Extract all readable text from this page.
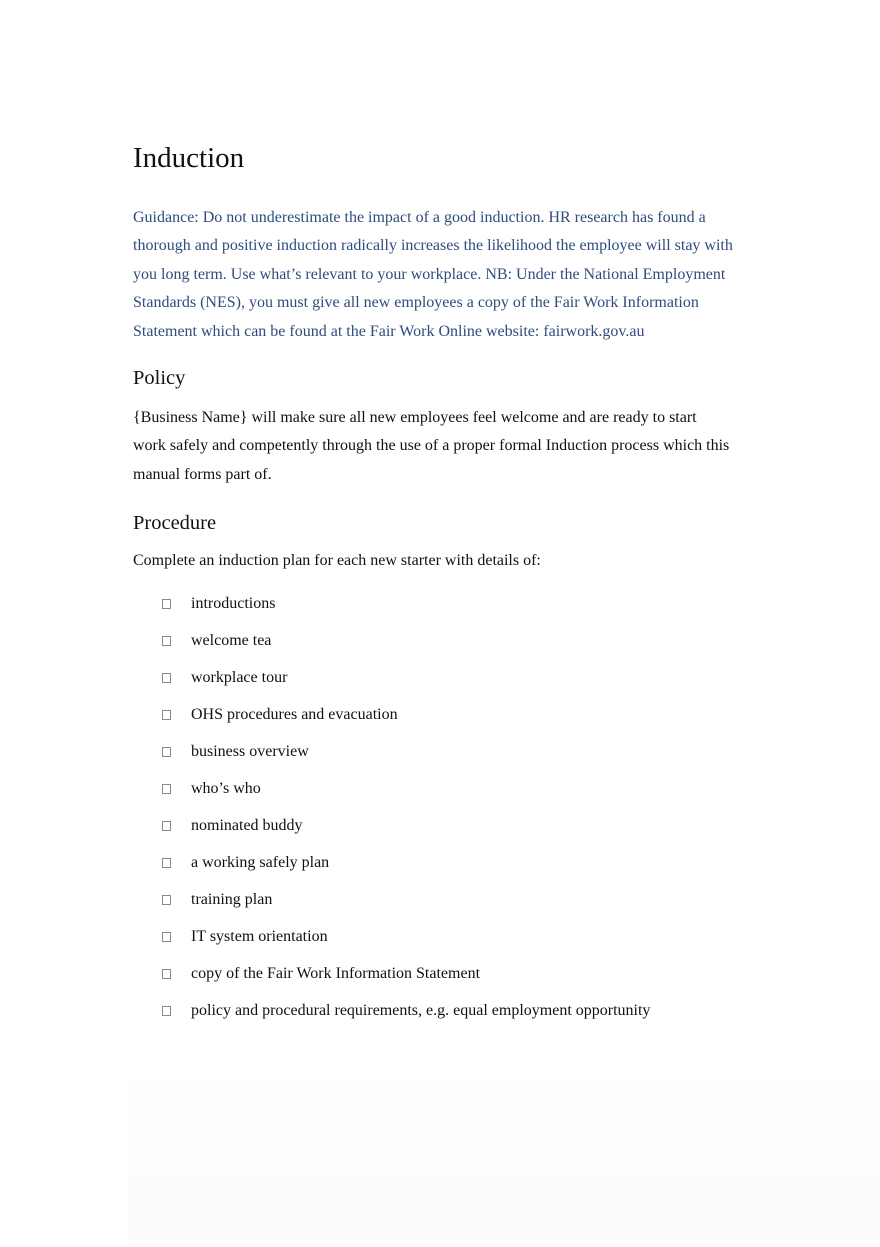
Induction

Guidance: Do not underestimate the impact of a good induction. HR research has found a thorough and positive induction radically increases the likelihood the employee will stay with you long term. Use what’s relevant to your workplace. NB: Under the National Employment Standards (NES), you must give all new employees a copy of the Fair Work Information Statement which can be found at the Fair Work Online website: fairwork.gov.au

Policy

{Business Name} will make sure all new employees feel welcome and are ready to start work safely and competently through the use of a proper formal Induction process which this manual forms part of.

Procedure

Complete an induction plan for each new starter with details of:

introductions
welcome tea
workplace tour
OHS procedures and evacuation
business overview
who’s who
nominated buddy
a working safely plan
training plan
IT system orientation
copy of the Fair Work Information Statement
policy and procedural requirements, e.g. equal employment opportunity
